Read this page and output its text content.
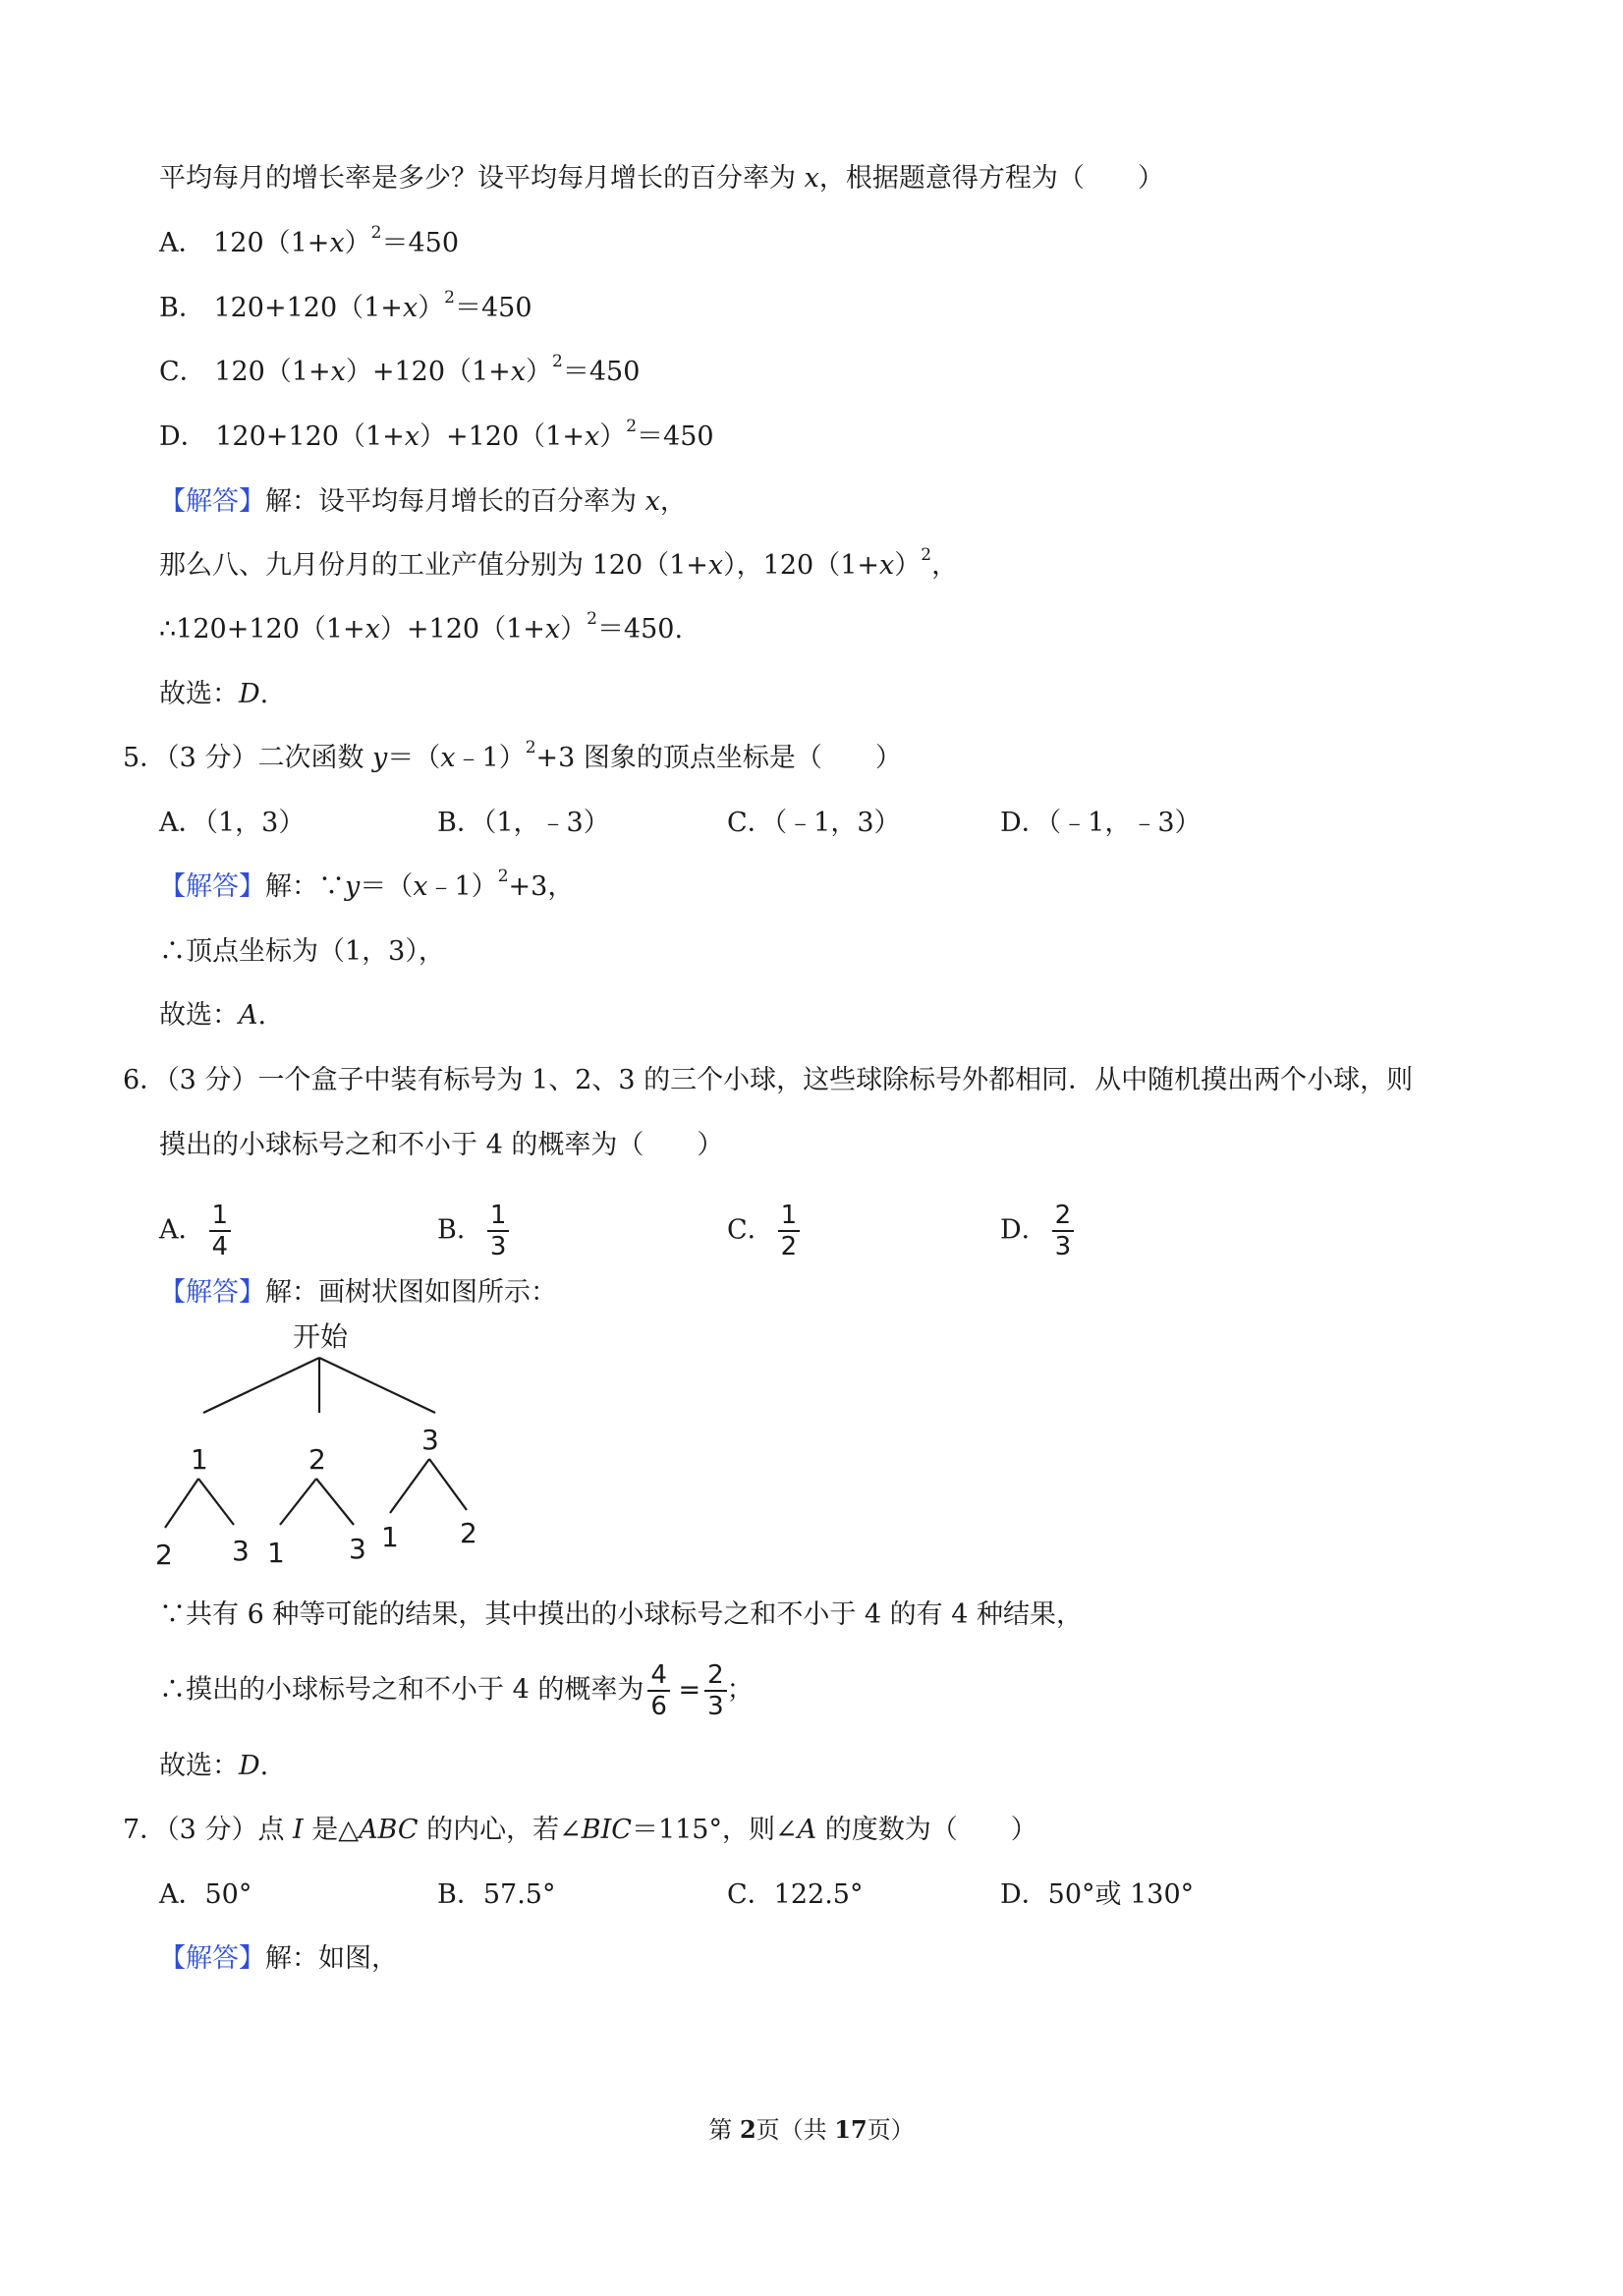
平均每月的增长率是多少？设平均每月增长的百分率为 x，根据题意得方程为（　　）
A． $120(1+x)^2=450$
B． $120+120(1+x)^2=450$
C． $120(1+x)+120(1+x)^2=450$
D． $120+120(1+x)+120(1+x)^2=450$
【解答】解：设平均每月增长的百分率为 x，
那么八、九月份月的工业产值分别为 120（1+x），$120(1+x)^2$，
$\therefore 120+120(1+x)+120(1+x)^2=450$.
故选：D.
5．（3 分）二次函数 y＝（x﹣1）$^2$+3 图象的顶点坐标是（　　）
A．（1，3）	B．（1，﹣3）	C．（﹣1，3）	D．（﹣1，﹣3）
【解答】解：∵y＝（x﹣1）$^2$+3，
∴顶点坐标为（1，3），
故选：A.
6．（3 分）一个盒子中装有标号为 1、2、3 的三个小球，这些球除标号外都相同．从中随机摸出两个小球，则
摸出的小球标号之和不小于 4 的概率为（　　）
A． $\frac{1}{4}$	B． $\frac{1}{3}$	C． $\frac{1}{2}$	D． $\frac{2}{3}$
【解答】解：画树状图如图所示：
开始
1	2
3
2 3 1 3 1 2
∵共有 6 种等可能的结果，其中摸出的小球标号之和不小于 4 的有 4 种结果，
∴摸出的小球标号之和不小于 4 的概率为 $\frac{4}{6} = \frac{2}{3}$ ；
故选：D.
7．（3 分）点 I 是△ABC 的内心，若∠BIC＝115°，则∠A 的度数为（　　）
A．50°	B．57.5°	C．122.5°	D．50°或 130°
【解答】解：如图，
第 2页（共 17页）
